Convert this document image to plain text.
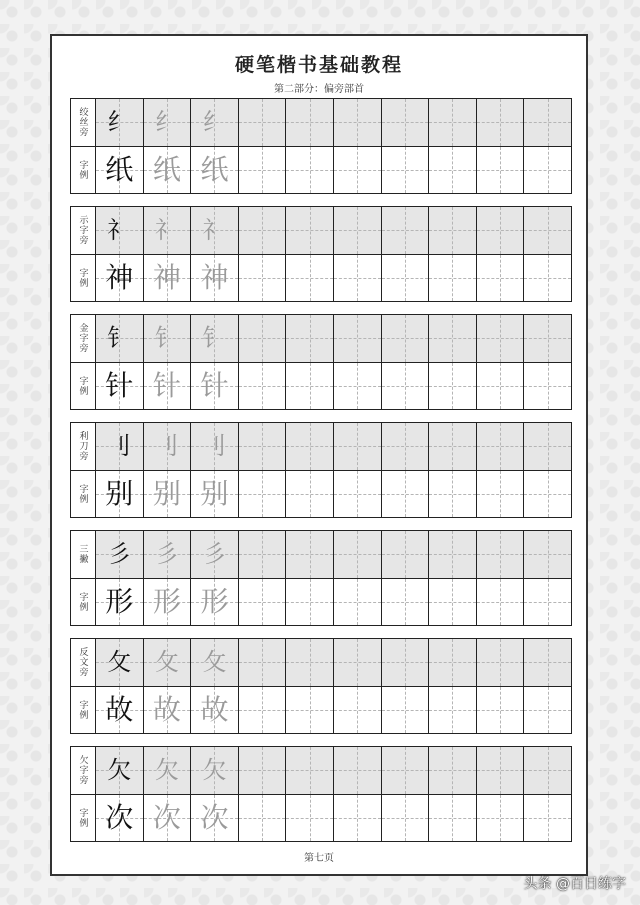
硬笔楷书基础教程
第二部分：偏旁部首
绞丝旁
字例
纟 纟 纟
纸 纸 纸
示字旁
字例
礻 礻 礻
神 神 神
金字旁
字例
钅 钅 钅
针 针 针
利刀旁
字例
刂 刂 刂
别 别 别
三撇
字例
彡 彡 彡
形 形 形
反文旁
字例
攵 攵 攵
故 故 故
欠字旁
字例
欠 欠 欠
次 次 次
第七页
头条 @百日练字
